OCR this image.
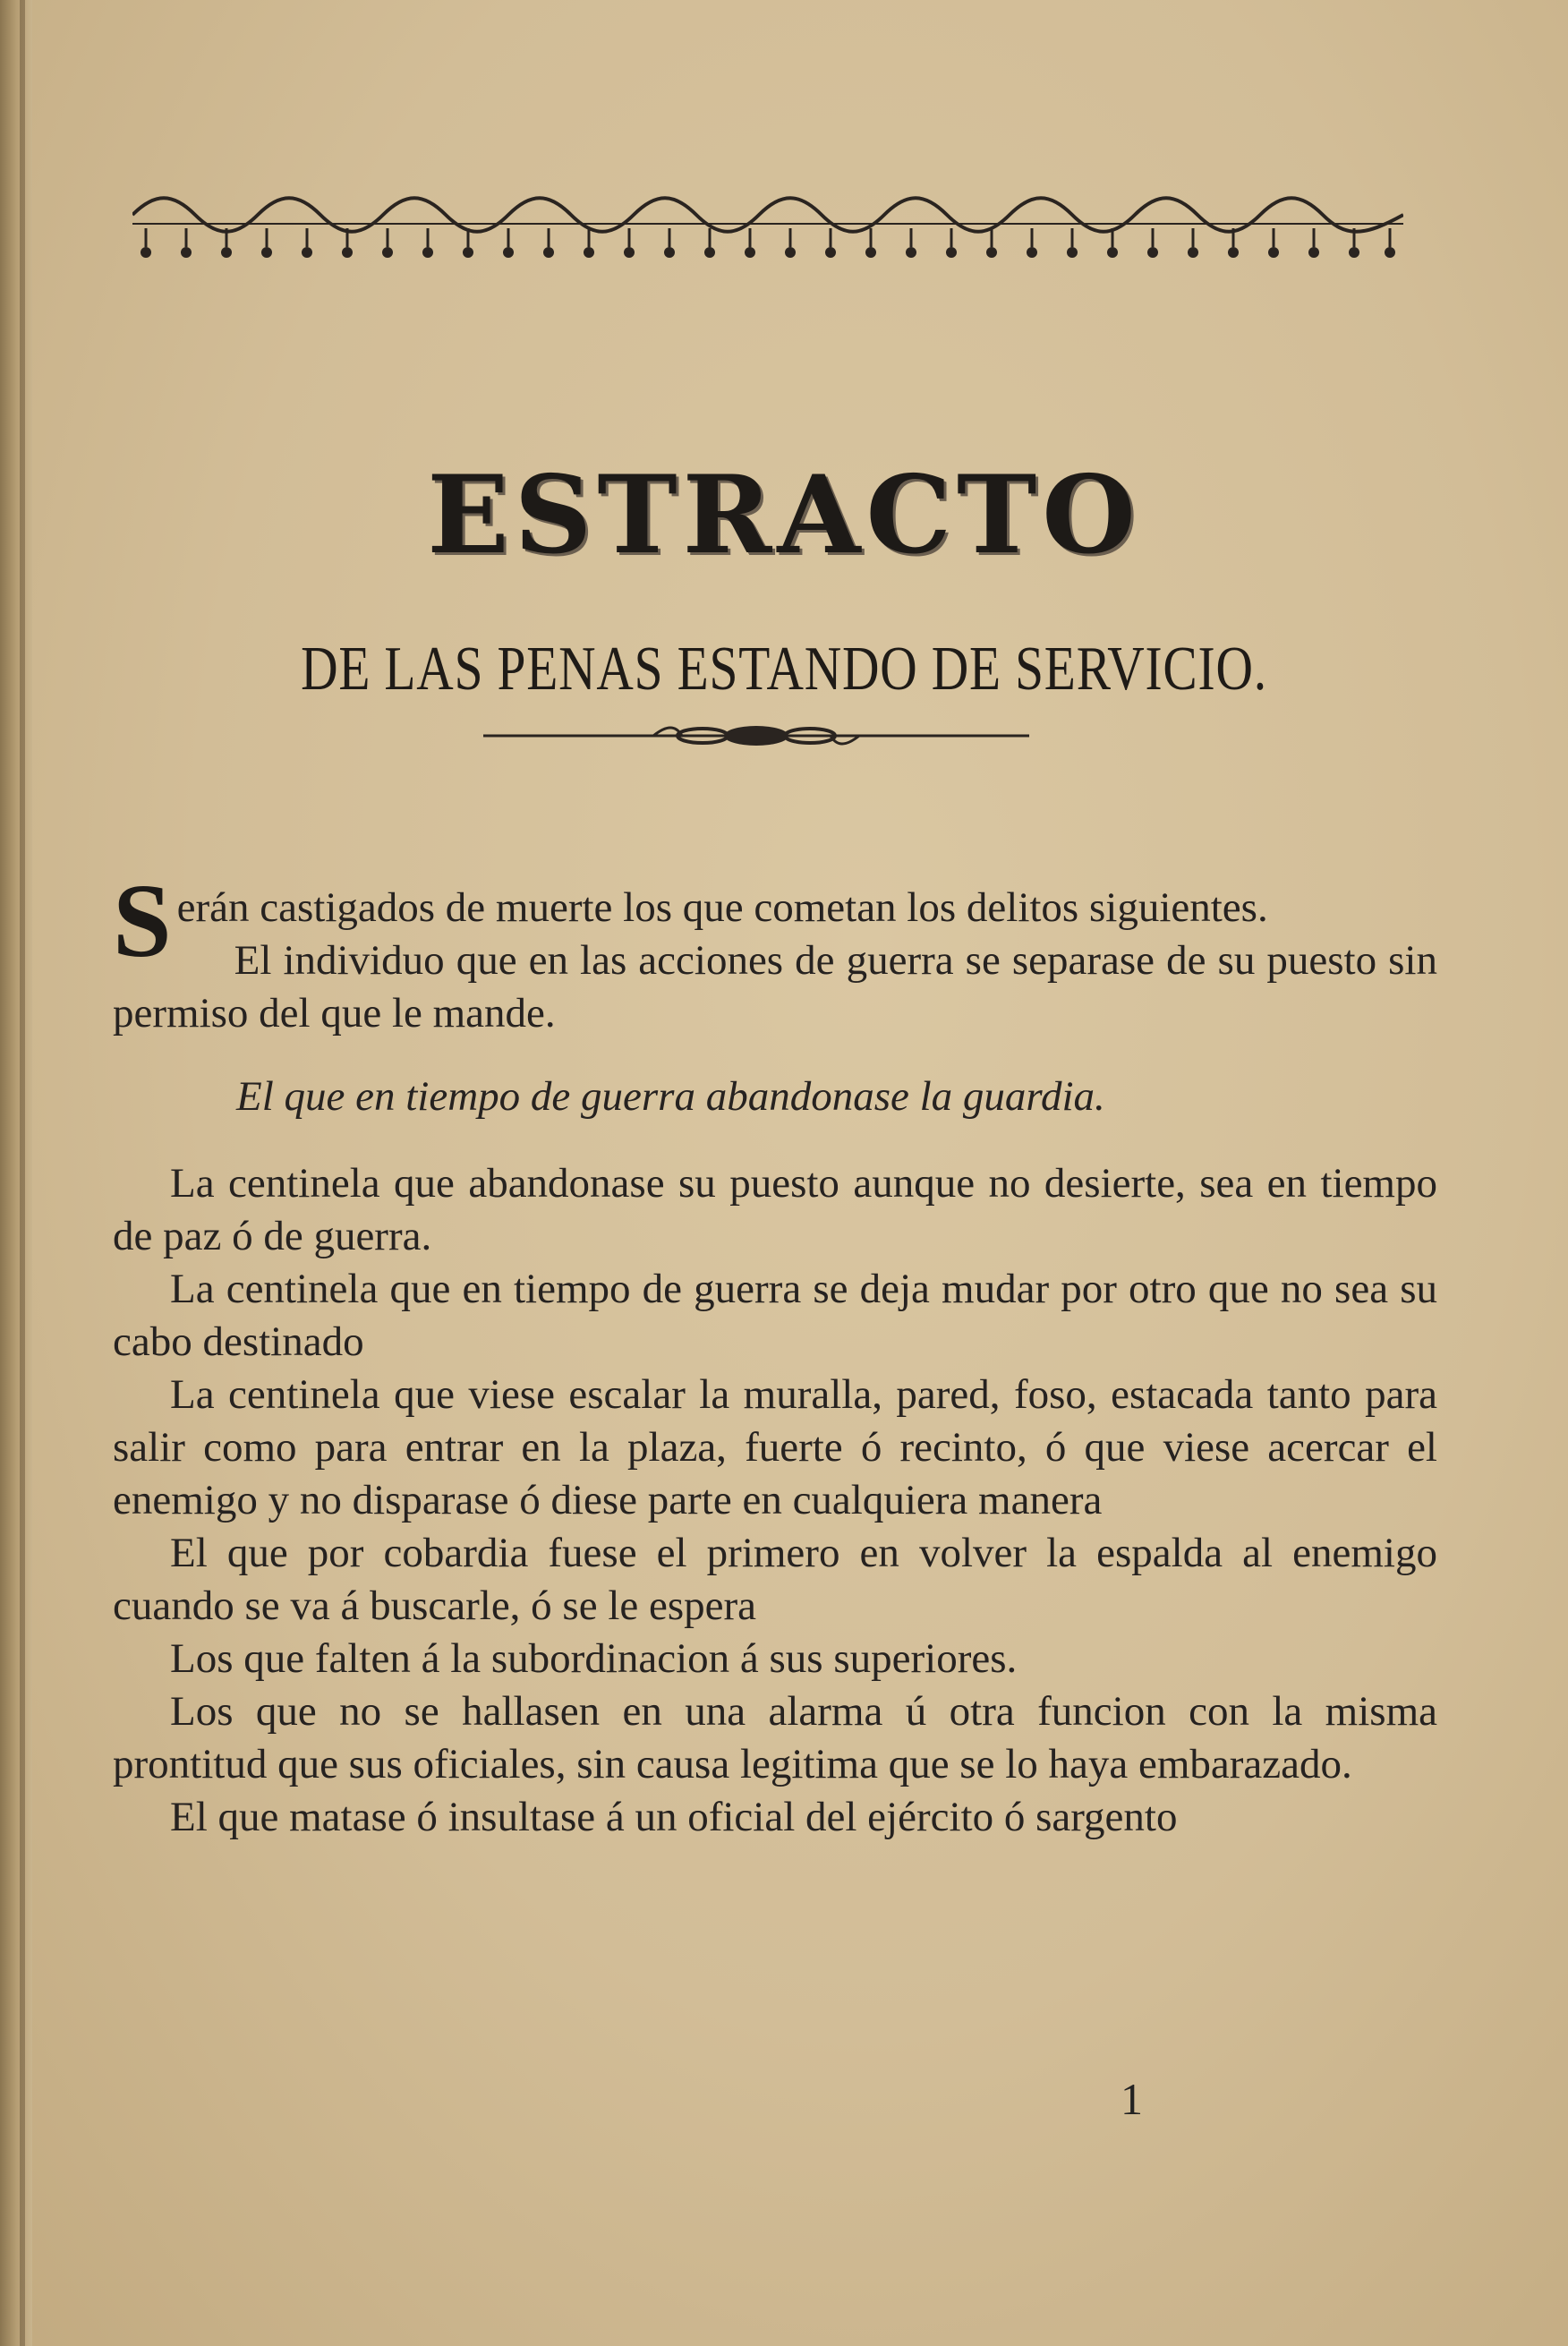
ESTRACTO
DE LAS PENAS ESTANDO DE SERVICIO.

Serán castigados de muerte los que cometan los delitos siguientes.

El individuo que en las acciones de guerra se separase de su puesto sin permiso del que le mande.

El que en tiempo de guerra abandonase la guardia.

La centinela que abandonase su puesto aunque no desierte, sea en tiempo de paz ó de guerra.

La centinela que en tiempo de guerra se deja mudar por otro que no sea su cabo destinado

La centinela que viese escalar la muralla, pared, foso, estacada tanto para salir como para entrar en la plaza, fuerte ó recinto, ó que viese acercar el enemigo y no disparase ó diese parte en cualquiera manera

El que por cobardia fuese el primero en volver la espalda al enemigo cuando se va á buscarle, ó se le espera

Los que falten á la subordinacion á sus superiores.

Los que no se hallasen en una alarma ú otra funcion con la misma prontitud que sus oficiales, sin causa legitima que se lo haya embarazado.

El que matase ó insultase á un oficial del ejército ó sargento

1
